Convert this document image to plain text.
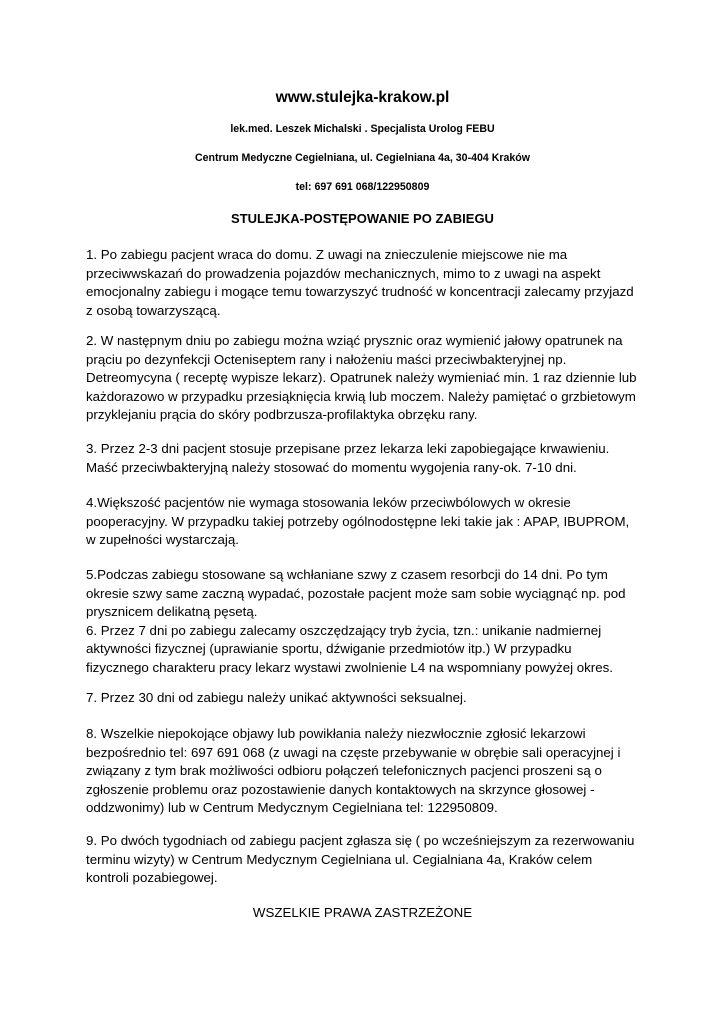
www.stulejka-krakow.pl
lek.med. Leszek Michalski . Specjalista Urolog FEBU
Centrum Medyczne Cegielniana, ul. Cegielniana 4a, 30-404 Kraków
tel: 697 691 068/122950809
STULEJKA-POSTĘPOWANIE PO ZABIEGU

1. Po zabiegu pacjent wraca do domu. Z uwagi na znieczulenie miejscowe nie ma
przeciwwskazań do prowadzenia pojazdów mechanicznych, mimo to z uwagi na aspekt
emocjonalny zabiegu i mogące temu towarzyszyć trudność w koncentracji zalecamy przyjazd
z osobą towarzyszącą.

2. W następnym dniu po zabiegu można wziąć prysznic oraz wymienić jałowy opatrunek na
prąciu po dezynfekcji Octeniseptem rany i nałożeniu maści przeciwbakteryjnej np.
Detreomycyna ( receptę wypisze lekarz). Opatrunek należy wymieniać min. 1 raz dziennie lub
każdorazowo w przypadku przesiąknięcia krwią lub moczem. Należy pamiętać o grzbietowym
przyklejaniu prącia do skóry podbrzusza-profilaktyka obrzęku rany.

3. Przez 2-3 dni pacjent stosuje przepisane przez lekarza leki zapobiegające krwawieniu.
Maść przeciwbakteryjną należy stosować do momentu wygojenia rany-ok. 7-10 dni.

4.Większość pacjentów nie wymaga stosowania leków przeciwbólowych w okresie
pooperacyjny. W przypadku takiej potrzeby ogólnodostępne leki takie jak : APAP, IBUPROM,
w zupełności wystarczają.

5.Podczas zabiegu stosowane są wchłaniane szwy z czasem resorbcji do 14 dni. Po tym
okresie szwy same zaczną wypadać, pozostałe pacjent może sam sobie wyciągnąć np. pod
prysznicem delikatną pęsetą.
6. Przez 7 dni po zabiegu zalecamy oszczędzający tryb życia, tzn.: unikanie nadmiernej
aktywności fizycznej (uprawianie sportu, dźwiganie przedmiotów itp.) W przypadku
fizycznego charakteru pracy lekarz wystawi zwolnienie L4 na wspomniany powyżej okres.

7. Przez 30 dni od zabiegu należy unikać aktywności seksualnej.

8. Wszelkie niepokojące objawy lub powikłania należy niezwłocznie zgłosić lekarzowi
bezpośrednio tel: 697 691 068 (z uwagi na częste przebywanie w obrębie sali operacyjnej i
związany z tym brak możliwości odbioru połączeń telefonicznych pacjenci proszeni są o
zgłoszenie problemu oraz pozostawienie danych kontaktowych na skrzynce głosowej -
oddzwonimy) lub w Centrum Medycznym Cegielniana tel: 122950809.

9. Po dwóch tygodniach od zabiegu pacjent zgłasza się ( po wcześniejszym za rezerwowaniu
terminu wizyty) w Centrum Medycznym Cegielniana ul. Cegialniana 4a, Kraków celem
kontroli pozabiegowej.

WSZELKIE PRAWA ZASTRZEŻONE
